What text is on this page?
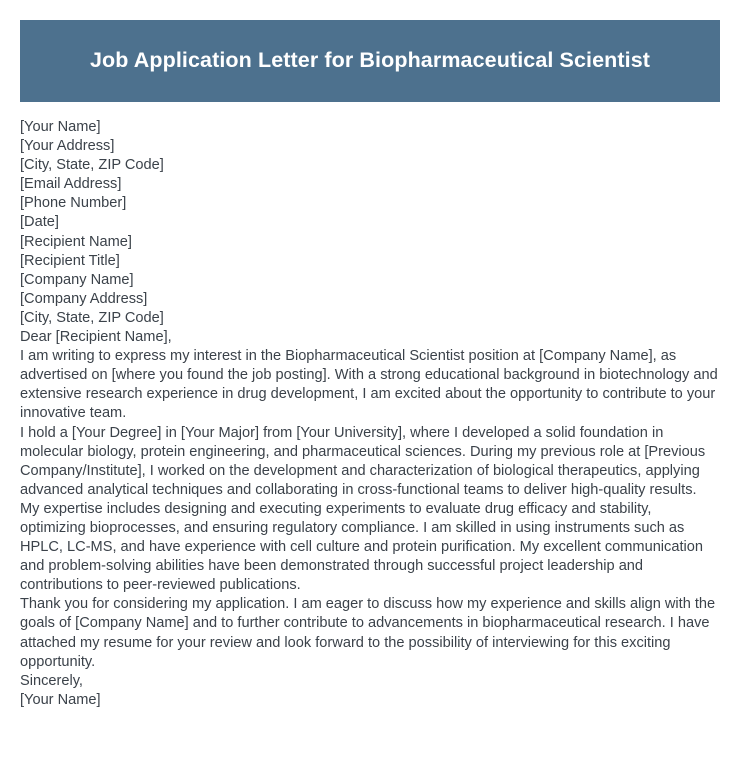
Job Application Letter for Biopharmaceutical Scientist
[Your Name]
[Your Address]
[City, State, ZIP Code]
[Email Address]
[Phone Number]
[Date]
[Recipient Name]
[Recipient Title]
[Company Name]
[Company Address]
[City, State, ZIP Code]
Dear [Recipient Name],

I am writing to express my interest in the Biopharmaceutical Scientist position at [Company Name], as advertised on [where you found the job posting]. With a strong educational background in biotechnology and extensive research experience in drug development, I am excited about the opportunity to contribute to your innovative team.

I hold a [Your Degree] in [Your Major] from [Your University], where I developed a solid foundation in molecular biology, protein engineering, and pharmaceutical sciences. During my previous role at [Previous Company/Institute], I worked on the development and characterization of biological therapeutics, applying advanced analytical techniques and collaborating in cross-functional teams to deliver high-quality results.

My expertise includes designing and executing experiments to evaluate drug efficacy and stability, optimizing bioprocesses, and ensuring regulatory compliance. I am skilled in using instruments such as HPLC, LC-MS, and have experience with cell culture and protein purification. My excellent communication and problem-solving abilities have been demonstrated through successful project leadership and contributions to peer-reviewed publications.

Thank you for considering my application. I am eager to discuss how my experience and skills align with the goals of [Company Name] and to further contribute to advancements in biopharmaceutical research. I have attached my resume for your review and look forward to the possibility of interviewing for this exciting opportunity.

Sincerely,
[Your Name]
